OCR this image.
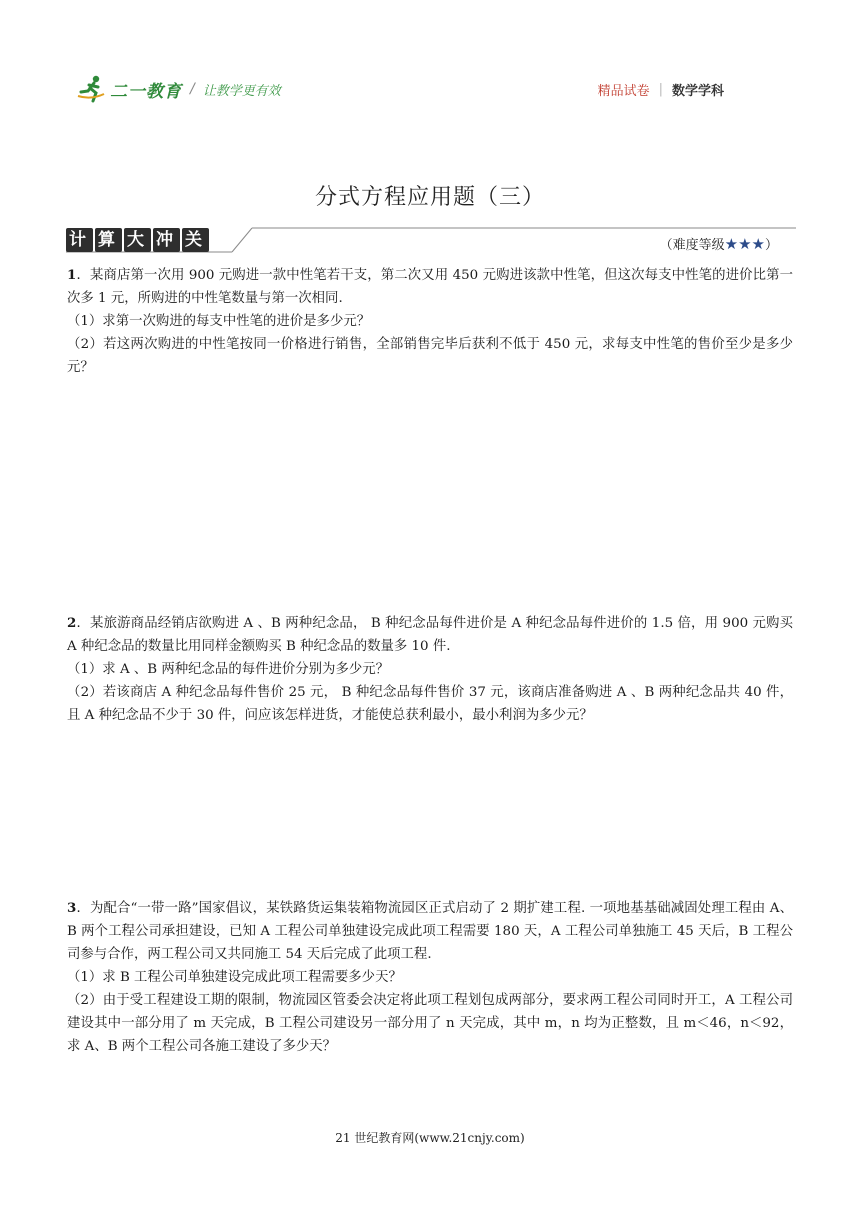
二一教育 / 让教学更有效	精品试卷 | 数学学科
分式方程应用题（三）
计 算 大 冲 关	（难度等级★★★）

1．某商店第一次用 900 元购进一款中性笔若干支，第二次又用 450 元购进该款中性笔，但这次每支中性笔的进价比第一次多 1 元，所购进的中性笔数量与第一次相同.

（1）求第一次购进的每支中性笔的进价是多少元？

（2）若这两次购进的中性笔按同一价格进行销售，全部销售完毕后获利不低于 450 元，求每支中性笔的售价至少是多少元？

2．某旅游商品经销店欲购进 A 、B 两种纪念品， B 种纪念品每件进价是 A 种纪念品每件进价的 1.5 倍，用 900 元购买 A 种纪念品的数量比用同样金额购买 B 种纪念品的数量多 10 件.

（1）求 A 、B 两种纪念品的每件进价分别为多少元？

（2）若该商店 A 种纪念品每件售价 25 元， B 种纪念品每件售价 37 元，该商店准备购进 A 、B 两种纪念品共 40 件，且 A 种纪念品不少于 30 件，问应该怎样进货，才能使总获利最小，最小利润为多少元？

3．为配合“一带一路”国家倡议，某铁路货运集装箱物流园区正式启动了 2 期扩建工程. 一项地基基础减固处理工程由 A、B 两个工程公司承担建设，已知 A 工程公司单独建设完成此项工程需要 180 天，A 工程公司单独施工 45 天后，B 工程公司参与合作，两工程公司又共同施工 54 天后完成了此项工程.

（1）求 B 工程公司单独建设完成此项工程需要多少天？

（2）由于受工程建设工期的限制，物流园区管委会决定将此项工程划包成两部分，要求两工程公司同时开工，A 工程公司建设其中一部分用了 m 天完成，B 工程公司建设另一部分用了 n 天完成，其中 m，n 均为正整数，且 m＜46，n＜92，求 A、B 两个工程公司各施工建设了多少天？

21 世纪教育网(www.21cnjy.com)
